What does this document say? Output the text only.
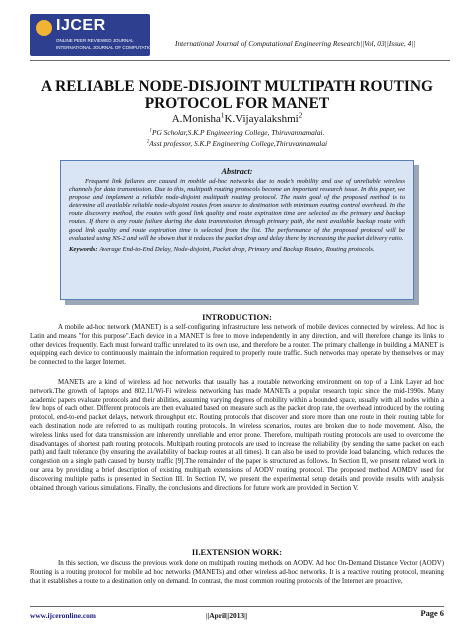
IJCER
ONLINE PEER REVIEWED JOURNAL
INTERNATIONAL JOURNAL OF COMPUTATIONAL ENGINEERING RESEARCH
International Journal of Computational Engineering Research||Vol, 03||Issue, 4||
A RELIABLE NODE-DISJOINT MULTIPATH ROUTING PROTOCOL FOR MANET
A.Monisha$^1$K.Vijayalakshmi$^2$
$^1$PG Scholar,S.K.P Engineering College, Thiruvannamalai.
$^2$Asst professor, S.K.P Engineering College,Thiruvannamalai
Abstract:
Frequent link failures are caused in mobile ad-hoc networks due to node’s mobility and use of unreliable wireless channels for data transmission. Due to this, multipath routing protocols become an important research issue. In this paper, we propose and implement a reliable node-disjoint multipath routing protocol. The main goal of the proposed method is to determine all available reliable node-disjoint routes from source to destination with minimum routing control overhead. In the route discovery method, the routes with good link quality and route expiration time are selected as the primary and backup routes. If there is any route failure during the data transmission through primary path, the next available backup route with good link quality and route expiration time is selected from the list. The performance of the proposed protocol will be evaluated using NS-2 and will be shown that it reduces the packet drop and delay there by increasing the packet delivery ratio.
Keywords: Average End-to-End Delay, Node-disjoint, Packet drop, Primary and Backup Routes, Routing protocols.
INTRODUCTION:
A mobile ad-hoc network (MANET) is a self-configuring infrastructure less network of mobile devices connected by wireless. Ad hoc is Latin and means "for this purpose".Each device in a MANET is free to move independently in any direction, and will therefore change its links to other devices frequently. Each must forward traffic unrelated to its own use, and therefore be a router. The primary challenge in building a MANET is equipping each device to continuously maintain the information required to properly route traffic. Such networks may operate by themselves or may be connected to the larger Internet.
MANETs are a kind of wireless ad hoc networks that usually has a routable networking environment on top of a Link Layer ad hoc network.The growth of laptops and 802.11/Wi-Fi wireless networking has made MANETs a popular research topic since the mid-1990s. Many academic papers evaluate protocols and their abilities, assuming varying degrees of mobility within a bounded space, usually with all nodes within a few hops of each other. Different protocols are then evaluated based on measure such as the packet drop rate, the overhead introduced by the routing protocol, end-to-end packet delays, network throughput etc. Routing protocols that discover and store more than one route in their routing table for each destination node are referred to as multipath routing protocols. In wireless scenarios, routes are broken due to node movement. Also, the wireless links used for data transmission are inherently unreliable and error prone. Therefore, multipath routing protocols are used to overcome the disadvantages of shortest path routing protocols. Multipath routing protocols are used to increase the reliability (by sending the same packet on each path) and fault tolerance (by ensuring the availability of backup routes at all times). It can also be used to provide load balancing, which reduces the congestion on a single path caused by bursty traffic [9].The remainder of the paper is structured as follows. In Section II, we present related work in our area by providing a brief description of existing multipath extensions of AODV routing protocol. The proposed method AOMDV used for discovering multiple paths is presented in Section III. In Section IV, we present the experimental setup details and provide results with analysis obtained through various simulations. Finally, the conclusions and directions for future work are provided in Section V.
II.EXTENSION WORK:
In this section, we discuss the previous work done on multipath routing methods on AODV. Ad hoc On-Demand Distance Vector (AODV) Routing is a routing protocol for mobile ad hoc networks (MANETs) and other wireless ad-hoc networks. It is a reactive routing protocol, meaning that it establishes a route to a destination only on demand. In contrast, the most common routing protocols of the Internet are proactive,
www.ijceronline.com	||April||2013||	Page 6
